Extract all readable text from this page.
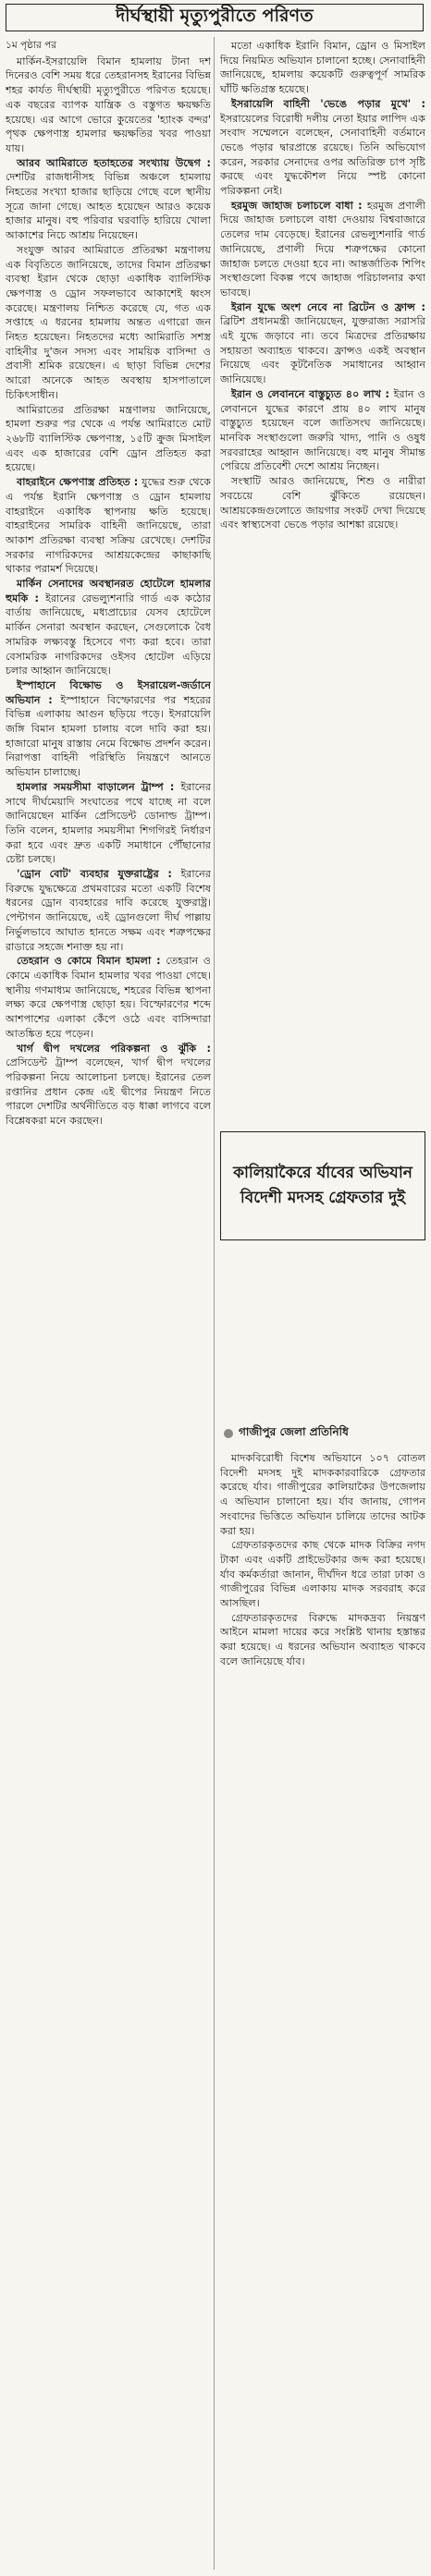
দীর্ঘস্থায়ী মৃত্যুপুরীতে পরিণত

১ম পৃষ্ঠার পর

মার্কিন-ইসরায়েলি বিমান হামলায় টানা দশ দিনেরও বেশি সময় ধরে তেহরানসহ ইরানের বিভিন্ন শহর কার্যত দীর্ঘস্থায়ী মৃত্যুপুরীতে পরিণত হয়েছে। এক বছরের ব্যাপক যান্ত্রিক ও বস্তুগত ক্ষয়ক্ষতি হয়েছে। এর আগে ভোরে কুয়েতের 'হ্যাংক বন্দর' পৃথক ক্ষেপণাস্ত্র হামলার ক্ষয়ক্ষতির খবর পাওয়া যায়।

আরব আমিরাতে হতাহতের সংখ্যায় উদ্বেগ : দেশটির রাজধানীসহ বিভিন্ন অঞ্চলে হামলায় নিহতের সংখ্যা হাজার ছাড়িয়ে গেছে বলে স্থানীয় সূত্রে জানা গেছে। আহত হয়েছেন আরও কয়েক হাজার মানুষ। বহু পরিবার ঘরবাড়ি হারিয়ে খোলা আকাশের নিচে আশ্রয় নিয়েছেন।

সংযুক্ত আরব আমিরাতে প্রতিরক্ষা মন্ত্রণালয় এক বিবৃতিতে জানিয়েছে, তাদের বিমান প্রতিরক্ষা ব্যবস্থা ইরান থেকে ছোড়া একাধিক ব্যালিস্টিক ক্ষেপণাস্ত্র ও ড্রোন সফলভাবে আকাশেই ধ্বংস করেছে। মন্ত্রণালয় নিশ্চিত করেছে যে, গত এক সপ্তাহে এ ধরনের হামলায় অন্তত এগারো জন নিহত হয়েছেন। নিহতদের মধ্যে আমিরাতি সশস্ত্র বাহিনীর দু'জন সদস্য এবং সাময়িক বাসিন্দা ও প্রবাসী শ্রমিক রয়েছেন। এ ছাড়া বিভিন্ন দেশের আরো অনেকে আহত অবস্থায় হাসপাতালে চিকিৎসাধীন।

আমিরাতের প্রতিরক্ষা মন্ত্রণালয় জানিয়েছে, হামলা শুরুর পর থেকে এ পর্যন্ত আমিরাতে মোট ২৬৮টি ব্যালিস্টিক ক্ষেপণাস্ত্র, ১৫টি ক্রুজ মিসাইল এবং এক হাজারের বেশি ড্রোন প্রতিহত করা হয়েছে।

বাহরাইনে ক্ষেপণাস্ত্র প্রতিহত : যুদ্ধের শুরু থেকে এ পর্যন্ত ইরানি ক্ষেপণাস্ত্র ও ড্রোন হামলায় বাহরাইনে একাধিক স্থাপনায় ক্ষতি হয়েছে। বাহরাইনের সামরিক বাহিনী জানিয়েছে, তারা আকাশ প্রতিরক্ষা ব্যবস্থা সক্রিয় রেখেছে। দেশটির সরকার নাগরিকদের আশ্রয়কেন্দ্রের কাছাকাছি থাকার পরামর্শ দিয়েছে।

মার্কিন সেনাদের অবস্থানরত হোটেলে হামলার হুমকি : ইরানের রেভল্যুশনারি গার্ড এক কঠোর বার্তায় জানিয়েছে, মধ্যপ্রাচ্যের যেসব হোটেলে মার্কিন সেনারা অবস্থান করছেন, সেগুলোকে বৈধ সামরিক লক্ষ্যবস্তু হিসেবে গণ্য করা হবে। তারা বেসামরিক নাগরিকদের ওইসব হোটেল এড়িয়ে চলার আহ্বান জানিয়েছে।

ইস্পাহানে বিক্ষোভ ও ইসরায়েল-জর্ডানে অভিযান : ইস্পাহানে বিস্ফোরণের পর শহরের বিভিন্ন এলাকায় আগুন ছড়িয়ে পড়ে। ইসরায়েলি জঙ্গি বিমান হামলা চালায় বলে দাবি করা হয়। হাজারো মানুষ রাস্তায় নেমে বিক্ষোভ প্রদর্শন করেন। নিরাপত্তা বাহিনী পরিস্থিতি নিয়ন্ত্রণে আনতে অভিযান চালাচ্ছে।

হামলার সময়সীমা বাড়ালেন ট্রাম্প : ইরানের সাথে দীর্ঘমেয়াদি সংঘাতের পথে যাচ্ছে না বলে জানিয়েছেন মার্কিন প্রেসিডেন্ট ডোনাল্ড ট্রাম্প। তিনি বলেন, হামলার সময়সীমা শিগগিরই নির্ধারণ করা হবে এবং দ্রুত একটি সমাধানে পৌঁছানোর চেষ্টা চলছে।

'ড্রোন বোট' ব্যবহার যুক্তরাষ্ট্রের : ইরানের বিরুদ্ধে যুদ্ধক্ষেত্রে প্রথমবারের মতো একটি বিশেষ ধরনের ড্রোন ব্যবহারের দাবি করেছে যুক্তরাষ্ট্র। পেন্টাগন জানিয়েছে, এই ড্রোনগুলো দীর্ঘ পাল্লায় নির্ভুলভাবে আঘাত হানতে সক্ষম এবং শত্রুপক্ষের রাডারে সহজে শনাক্ত হয় না।

তেহরান ও কোমে বিমান হামলা : তেহরান ও কোমে একাধিক বিমান হামলার খবর পাওয়া গেছে। স্থানীয় গণমাধ্যম জানিয়েছে, শহরের বিভিন্ন স্থাপনা লক্ষ্য করে ক্ষেপণাস্ত্র ছোড়া হয়। বিস্ফোরণের শব্দে আশপাশের এলাকা কেঁপে ওঠে এবং বাসিন্দারা আতঙ্কিত হয়ে পড়েন।

খার্গ দ্বীপ দখলের পরিকল্পনা ও ঝুঁকি : প্রেসিডেন্ট ট্রাম্প বলেছেন, খার্গ দ্বীপ দখলের পরিকল্পনা নিয়ে আলোচনা চলছে। ইরানের তেল রপ্তানির প্রধান কেন্দ্র এই দ্বীপের নিয়ন্ত্রণ নিতে পারলে দেশটির অর্থনীতিতে বড় ধাক্কা লাগবে বলে বিশ্লেষকরা মনে করছেন।

মতো একাধিক ইরানি বিমান, ড্রোন ও মিসাইল দিয়ে নিয়মিত অভিযান চালানো হচ্ছে। সেনাবাহিনী জানিয়েছে, হামলায় কয়েকটি গুরুত্বপূর্ণ সামরিক ঘাঁটি ক্ষতিগ্রস্ত হয়েছে।

ইসরায়েলি বাহিনী 'ভেঙে পড়ার মুখে' : ইসরায়েলের বিরোধী দলীয় নেতা ইয়ার লাপিদ এক সংবাদ সম্মেলনে বলেছেন, সেনাবাহিনী বর্তমানে ভেঙে পড়ার দ্বারপ্রান্তে রয়েছে। তিনি অভিযোগ করেন, সরকার সেনাদের ওপর অতিরিক্ত চাপ সৃষ্টি করছে এবং যুদ্ধকৌশল নিয়ে স্পষ্ট কোনো পরিকল্পনা নেই।

হরমুজ জাহাজ চলাচলে বাধা : হরমুজ প্রণালী দিয়ে জাহাজ চলাচলে বাধা দেওয়ায় বিশ্ববাজারে তেলের দাম বেড়েছে। ইরানের রেভল্যুশনারি গার্ড জানিয়েছে, প্রণালী দিয়ে শত্রুপক্ষের কোনো জাহাজ চলতে দেওয়া হবে না। আন্তর্জাতিক শিপিং সংস্থাগুলো বিকল্প পথে জাহাজ পরিচালনার কথা ভাবছে।

ইরান যুদ্ধে অংশ নেবে না ব্রিটেন ও ফ্রান্স : ব্রিটিশ প্রধানমন্ত্রী জানিয়েছেন, যুক্তরাজ্য সরাসরি এই যুদ্ধে জড়াবে না। তবে মিত্রদের প্রতিরক্ষায় সহায়তা অব্যাহত থাকবে। ফ্রান্সও একই অবস্থান নিয়েছে এবং কূটনৈতিক সমাধানের আহ্বান জানিয়েছে।

ইরান ও লেবাননে বাস্তুচ্যুত ৪০ লাখ : ইরান ও লেবাননে যুদ্ধের কারণে প্রায় ৪০ লাখ মানুষ বাস্তুচ্যুত হয়েছেন বলে জাতিসংঘ জানিয়েছে। মানবিক সংস্থাগুলো জরুরি খাদ্য, পানি ও ওষুধ সরবরাহের আহ্বান জানিয়েছে। বহু মানুষ সীমান্ত পেরিয়ে প্রতিবেশী দেশে আশ্রয় নিচ্ছেন।

সংস্থাটি আরও জানিয়েছে, শিশু ও নারীরা সবচেয়ে বেশি ঝুঁকিতে রয়েছেন। আশ্রয়কেন্দ্রগুলোতে জায়গার সংকট দেখা দিয়েছে এবং স্বাস্থ্যসেবা ভেঙে পড়ার আশঙ্কা রয়েছে।

কালিয়াকৈরে র্যাবের অভিযান বিদেশী মদসহ গ্রেফতার দুই
গাজীপুর জেলা প্রতিনিধি

মাদকবিরোধী বিশেষ অভিযানে ১০৭ বোতল বিদেশী মদসহ দুই মাদককারবারিকে গ্রেফতার করেছে র্যাব। গাজীপুরের কালিয়াকৈর উপজেলায় এ অভিযান চালানো হয়। র্যাব জানায়, গোপন সংবাদের ভিত্তিতে অভিযান চালিয়ে তাদের আটক করা হয়।

গ্রেফতারকৃতদের কাছ থেকে মাদক বিক্রির নগদ টাকা এবং একটি প্রাইভেটকার জব্দ করা হয়েছে। র্যাব কর্মকর্তারা জানান, দীর্ঘদিন ধরে তারা ঢাকা ও গাজীপুরের বিভিন্ন এলাকায় মাদক সরবরাহ করে আসছিল।

গ্রেফতারকৃতদের বিরুদ্ধে মাদকদ্রব্য নিয়ন্ত্রণ আইনে মামলা দায়ের করে সংশ্লিষ্ট থানায় হস্তান্তর করা হয়েছে। এ ধরনের অভিযান অব্যাহত থাকবে বলে জানিয়েছে র্যাব।
